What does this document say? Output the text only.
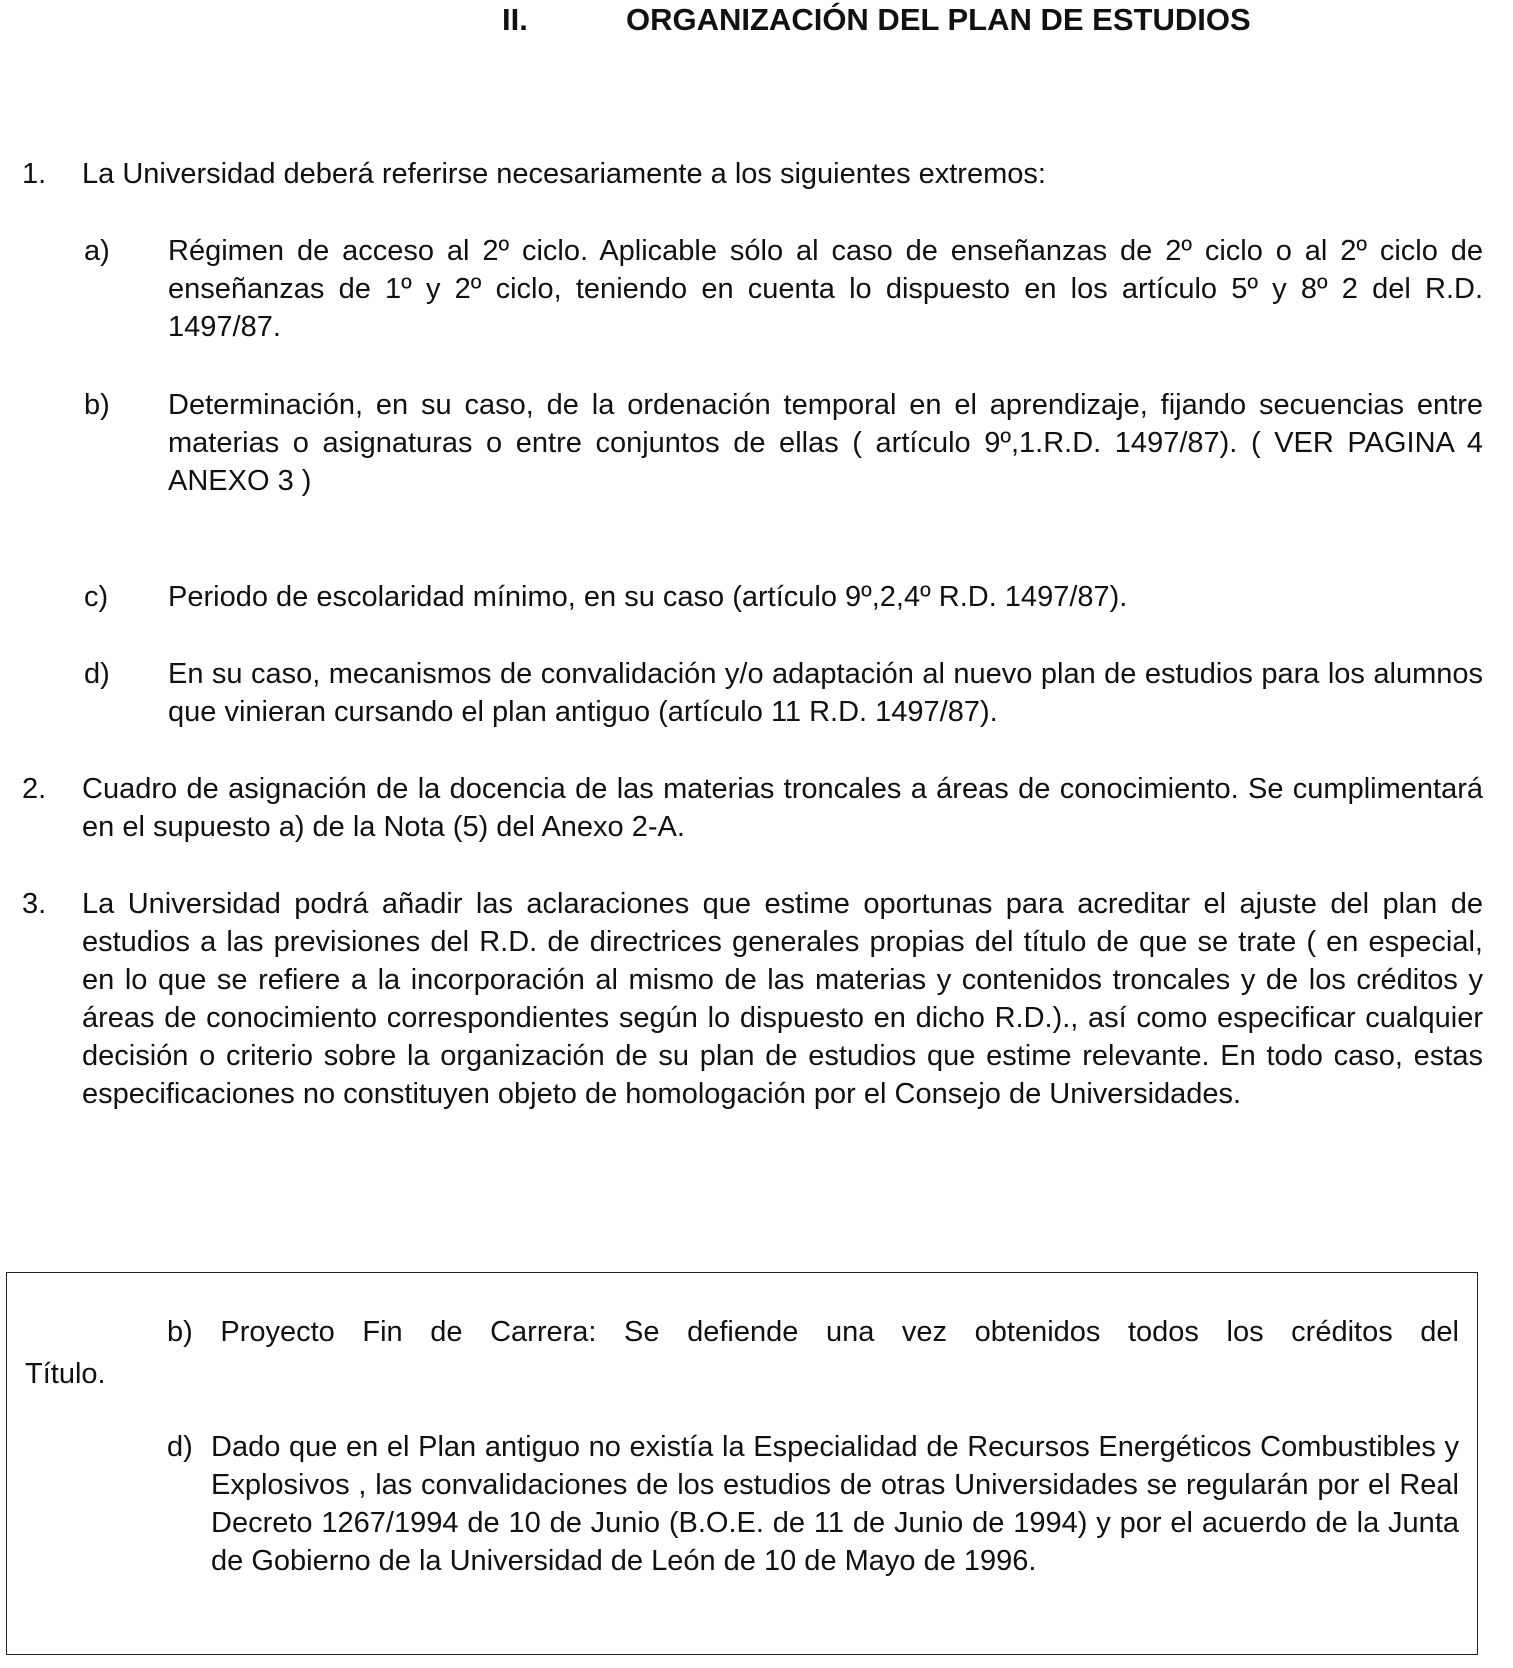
II.	ORGANIZACIÓN DEL PLAN DE ESTUDIOS
1. La Universidad deberá referirse necesariamente a los siguientes extremos:
a) Régimen de acceso al 2º ciclo. Aplicable sólo al caso de enseñanzas de 2º ciclo o al 2º ciclo de enseñanzas de 1º y 2º ciclo, teniendo en cuenta lo dispuesto en los artículo 5º y 8º 2 del R.D. 1497/87.
b) Determinación, en su caso, de la ordenación temporal en el aprendizaje, fijando secuencias entre materias o asignaturas o entre conjuntos de ellas ( artículo 9º,1.R.D. 1497/87). ( VER PAGINA 4 ANEXO 3 )
c) Periodo de escolaridad mínimo, en su caso (artículo 9º,2,4º R.D. 1497/87).
d) En su caso, mecanismos de convalidación y/o adaptación al nuevo plan de estudios para los alumnos que vinieran cursando el plan antiguo (artículo 11 R.D. 1497/87).
2. Cuadro de asignación de la docencia de las materias troncales a áreas de conocimiento. Se cumplimentará en el supuesto a) de la Nota (5) del Anexo 2-A.
3. La Universidad podrá añadir las aclaraciones que estime oportunas para acreditar el ajuste del plan de estudios a las previsiones del R.D. de directrices generales propias del título de que se trate ( en especial, en lo que se refiere a la incorporación al mismo de las materias y contenidos troncales y de los créditos y áreas de conocimiento correspondientes según lo dispuesto en dicho R.D.)., así como especificar cualquier decisión o criterio sobre la organización de su plan de estudios que estime relevante. En todo caso, estas especificaciones no constituyen objeto de homologación por el Consejo de Universidades.
b) Proyecto Fin de Carrera: Se defiende una vez obtenidos todos los créditos del
Título.
d) Dado que en el Plan antiguo no existía la Especialidad de Recursos Energéticos Combustibles y Explosivos , las convalidaciones de los estudios de otras Universidades se regularán por el Real Decreto 1267/1994 de 10 de Junio (B.O.E. de 11 de Junio de 1994) y por el acuerdo de la Junta de Gobierno de la Universidad de León de 10 de Mayo de 1996.
